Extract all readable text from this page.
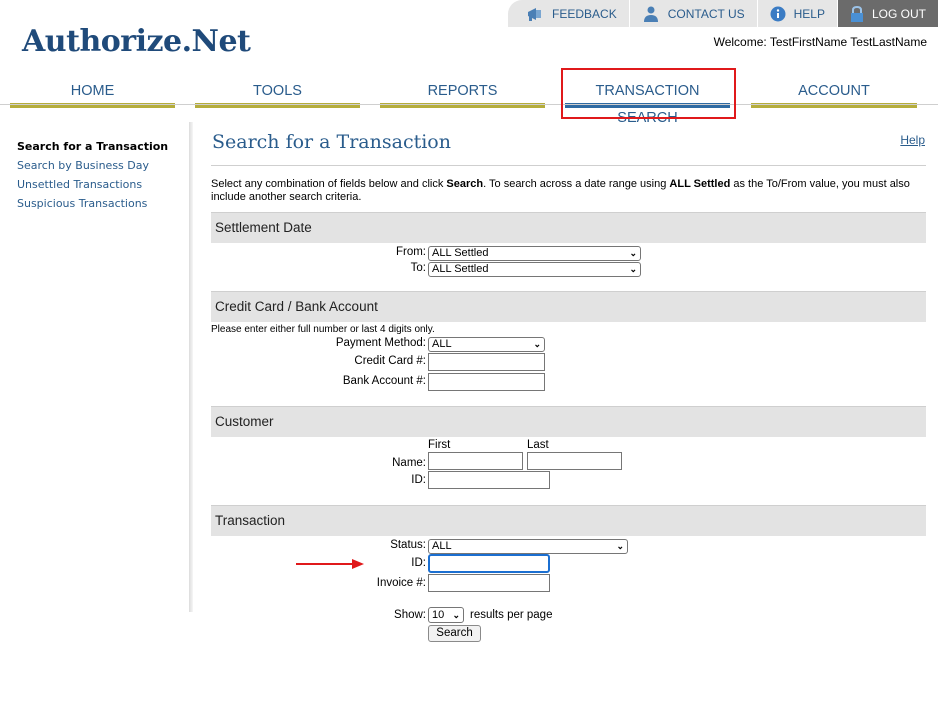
FEEDBACK	CONTACT US	HELP	LOG OUT
Authorize.Net	Welcome: TestFirstName TestLastName
HOME	TOOLS	REPORTS	TRANSACTION SEARCH
ACCOUNT
Search for a Transaction
Search by Business Day
Unsettled Transactions
Suspicious Transactions
Search for a Transaction	Help
Select any combination of fields below and click Search. To search across a date range using ALL Settled as the To/From value, you must also include another search criteria.
Settlement Date
From: ALL Settled	⌄
To: ALL Settled	⌄
Credit Card / Bank Account
Please enter either full number or last 4 digits only.
Payment Method: ALL	⌄
Credit Card #:
Bank Account #:
Customer
First	Last
Name:
ID:
Transaction
Status: ALL	⌄
ID:
Invoice #:
Show: 10 ⌄ results per page
Search
